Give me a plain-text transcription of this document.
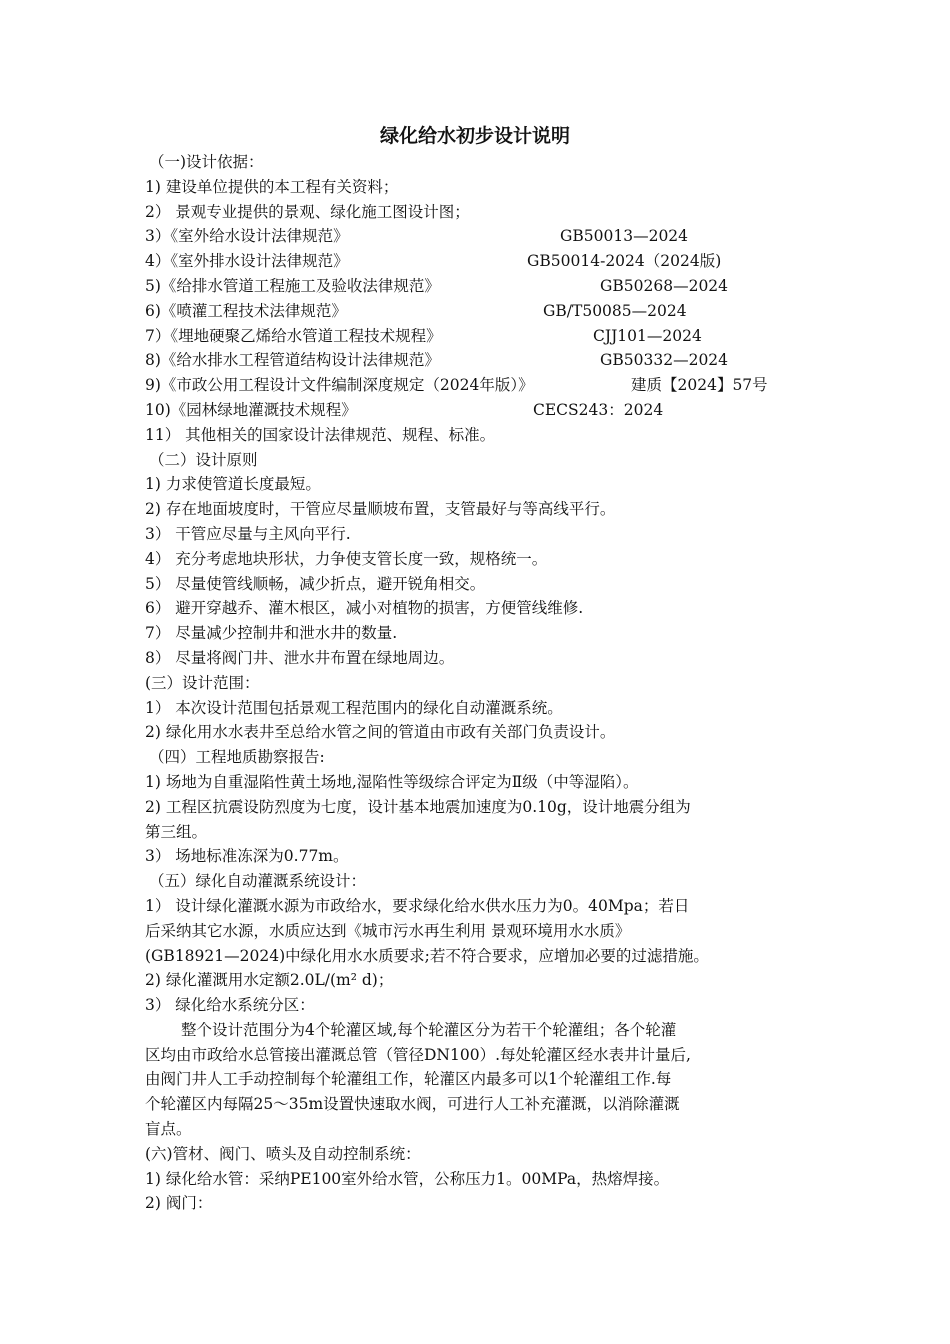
绿化给水初步设计说明
（一)设计依据：
1) 建设单位提供的本工程有关资料；
2） 景观专业提供的景观、绿化施工图设计图；
3）《室外给水设计法律规范》	GB50013—2024
4）《室外排水设计法律规范》	GB50014-2024（2024版)
5)《给排水管道工程施工及验收法律规范》	GB50268—2024
6)《喷灌工程技术法律规范》	GB/T50085—2024
7）《埋地硬聚乙烯给水管道工程技术规程》	CJJ101—2024
8)《给水排水工程管道结构设计法律规范》	GB50332—2024
9)《市政公用工程设计文件编制深度规定（2024年版）》	建质【2024】57号
10)《园林绿地灌溉技术规程》	CECS243：2024
11） 其他相关的国家设计法律规范、规程、标准。
（二）设计原则
1) 力求使管道长度最短。
2) 存在地面坡度时，干管应尽量顺坡布置，支管最好与等高线平行。
3） 干管应尽量与主风向平行.
4） 充分考虑地块形状，力争使支管长度一致，规格统一。
5） 尽量使管线顺畅，减少折点，避开锐角相交。
6） 避开穿越乔、灌木根区，减小对植物的损害，方便管线维修.
7） 尽量减少控制井和泄水井的数量.
8） 尽量将阀门井、泄水井布置在绿地周边。
(三）设计范围：
1） 本次设计范围包括景观工程范围内的绿化自动灌溉系统。
2) 绿化用水水表井至总给水管之间的管道由市政有关部门负责设计。
（四）工程地质勘察报告:
1) 场地为自重湿陷性黄土场地,湿陷性等级综合评定为Ⅱ级（中等湿陷）。
2) 工程区抗震设防烈度为七度，设计基本地震加速度为0.10g，设计地震分组为
第三组。
3） 场地标准冻深为0.77m。
（五）绿化自动灌溉系统设计：
1） 设计绿化灌溉水源为市政给水，要求绿化给水供水压力为0。40Mpa；若日
后采纳其它水源，水质应达到《城市污水再生利用 景观环境用水水质》
(GB18921—2024)中绿化用水水质要求;若不符合要求，应增加必要的过滤措施。
2) 绿化灌溉用水定额2.0L/(m² d)；
3） 绿化给水系统分区：
整个设计范围分为4个轮灌区域,每个轮灌区分为若干个轮灌组；各个轮灌
区均由市政给水总管接出灌溉总管（管径DN100）.每处轮灌区经水表井计量后,
由阀门井人工手动控制每个轮灌组工作，轮灌区内最多可以1个轮灌组工作.每
个轮灌区内每隔25～35m设置快速取水阀，可进行人工补充灌溉，以消除灌溉
盲点。
(六)管材、阀门、喷头及自动控制系统：
1) 绿化给水管：采纳PE100室外给水管，公称压力1。00MPa，热熔焊接。
2) 阀门：
